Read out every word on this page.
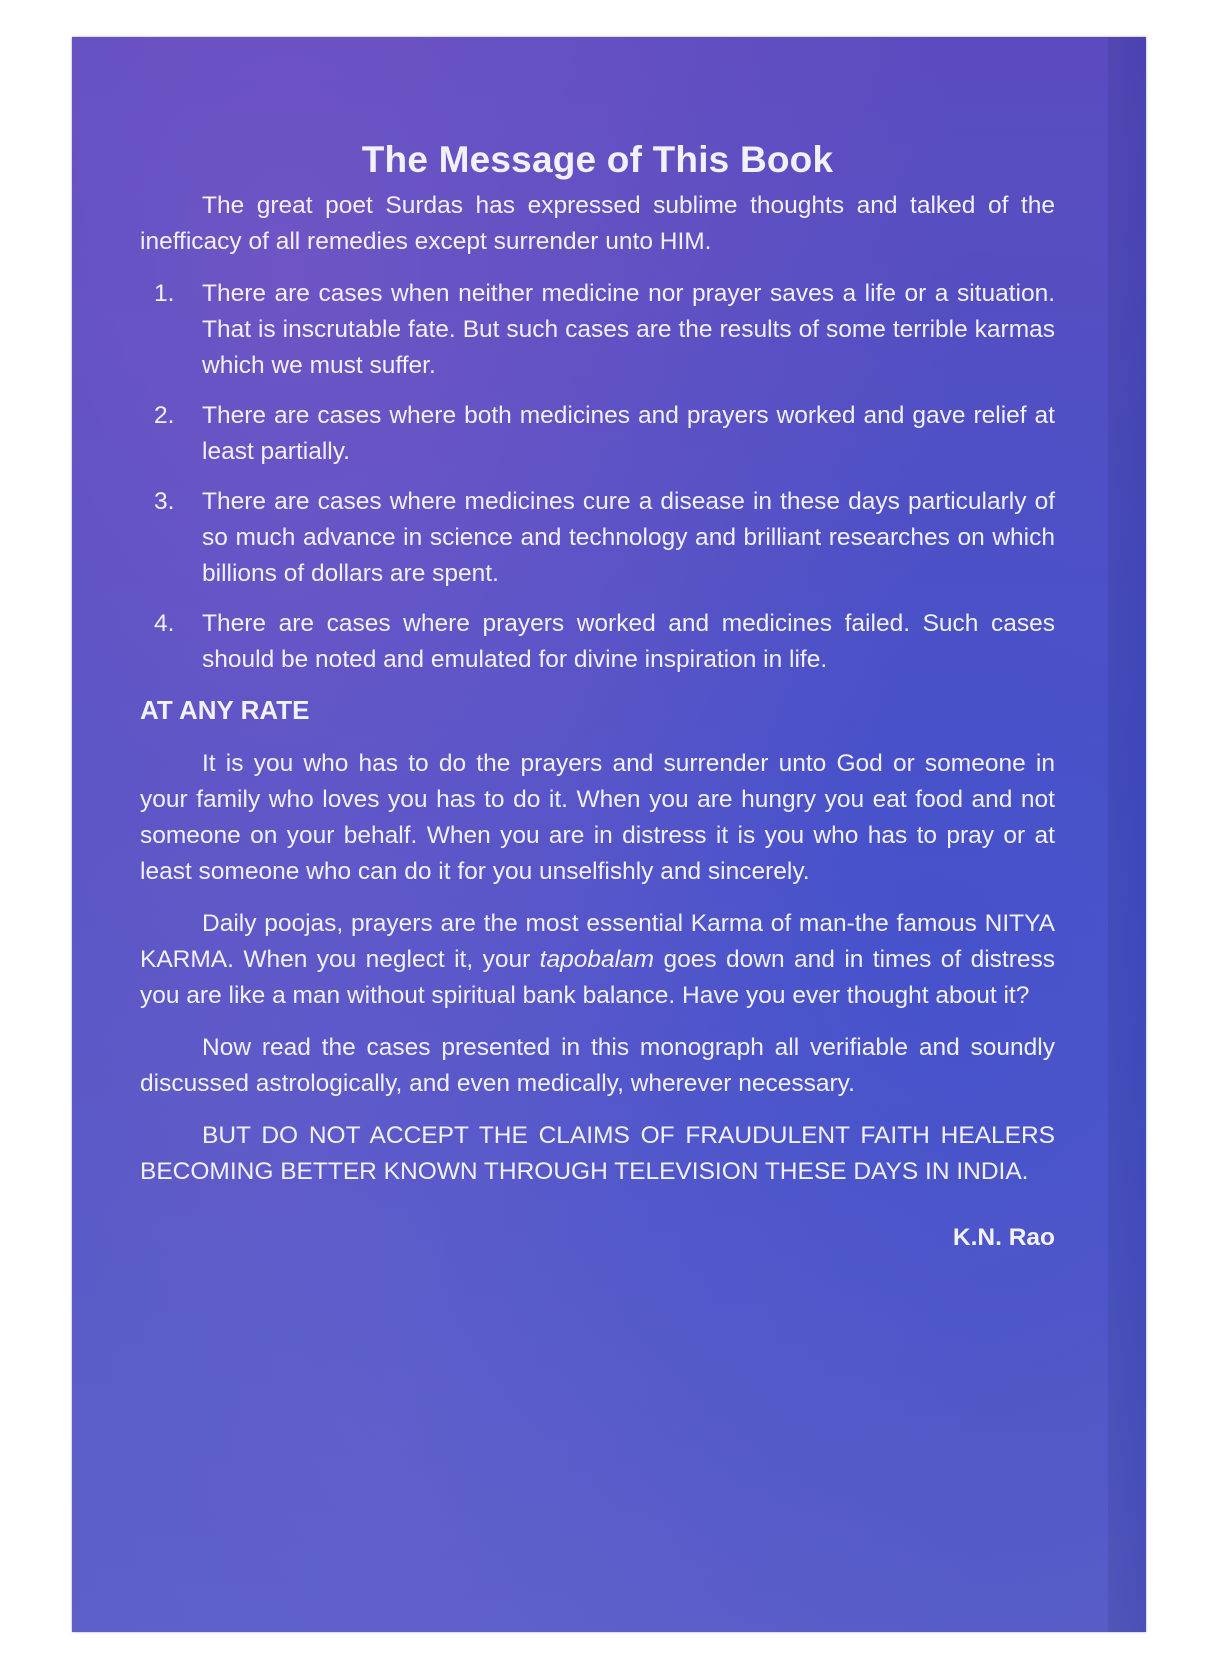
The Message of This Book

The great poet Surdas has expressed sublime thoughts and talked of the inefficacy of all remedies except surrender unto HIM.

1. There are cases when neither medicine nor prayer saves a life or a situation. That is inscrutable fate. But such cases are the results of some terrible karmas which we must suffer.
2. There are cases where both medicines and prayers worked and gave relief at least partially.
3. There are cases where medicines cure a disease in these days particularly of so much advance in science and technology and brilliant researches on which billions of dollars are spent.
4. There are cases where prayers worked and medicines failed. Such cases should be noted and emulated for divine inspiration in life.
AT ANY RATE

It is you who has to do the prayers and surrender unto God or someone in your family who loves you has to do it. When you are hungry you eat food and not someone on your behalf. When you are in distress it is you who has to pray or at least someone who can do it for you unselfishly and sincerely.

Daily poojas, prayers are the most essential Karma of man-the famous NITYA KARMA. When you neglect it, your tapobalam goes down and in times of distress you are like a man without spiritual bank balance. Have you ever thought about it?

Now read the cases presented in this monograph all verifiable and soundly discussed astrologically, and even medically, wherever necessary.

BUT DO NOT ACCEPT THE CLAIMS OF FRAUDULENT FAITH HEALERS BECOMING BETTER KNOWN THROUGH TELEVISION THESE DAYS IN INDIA.

K.N. Rao
